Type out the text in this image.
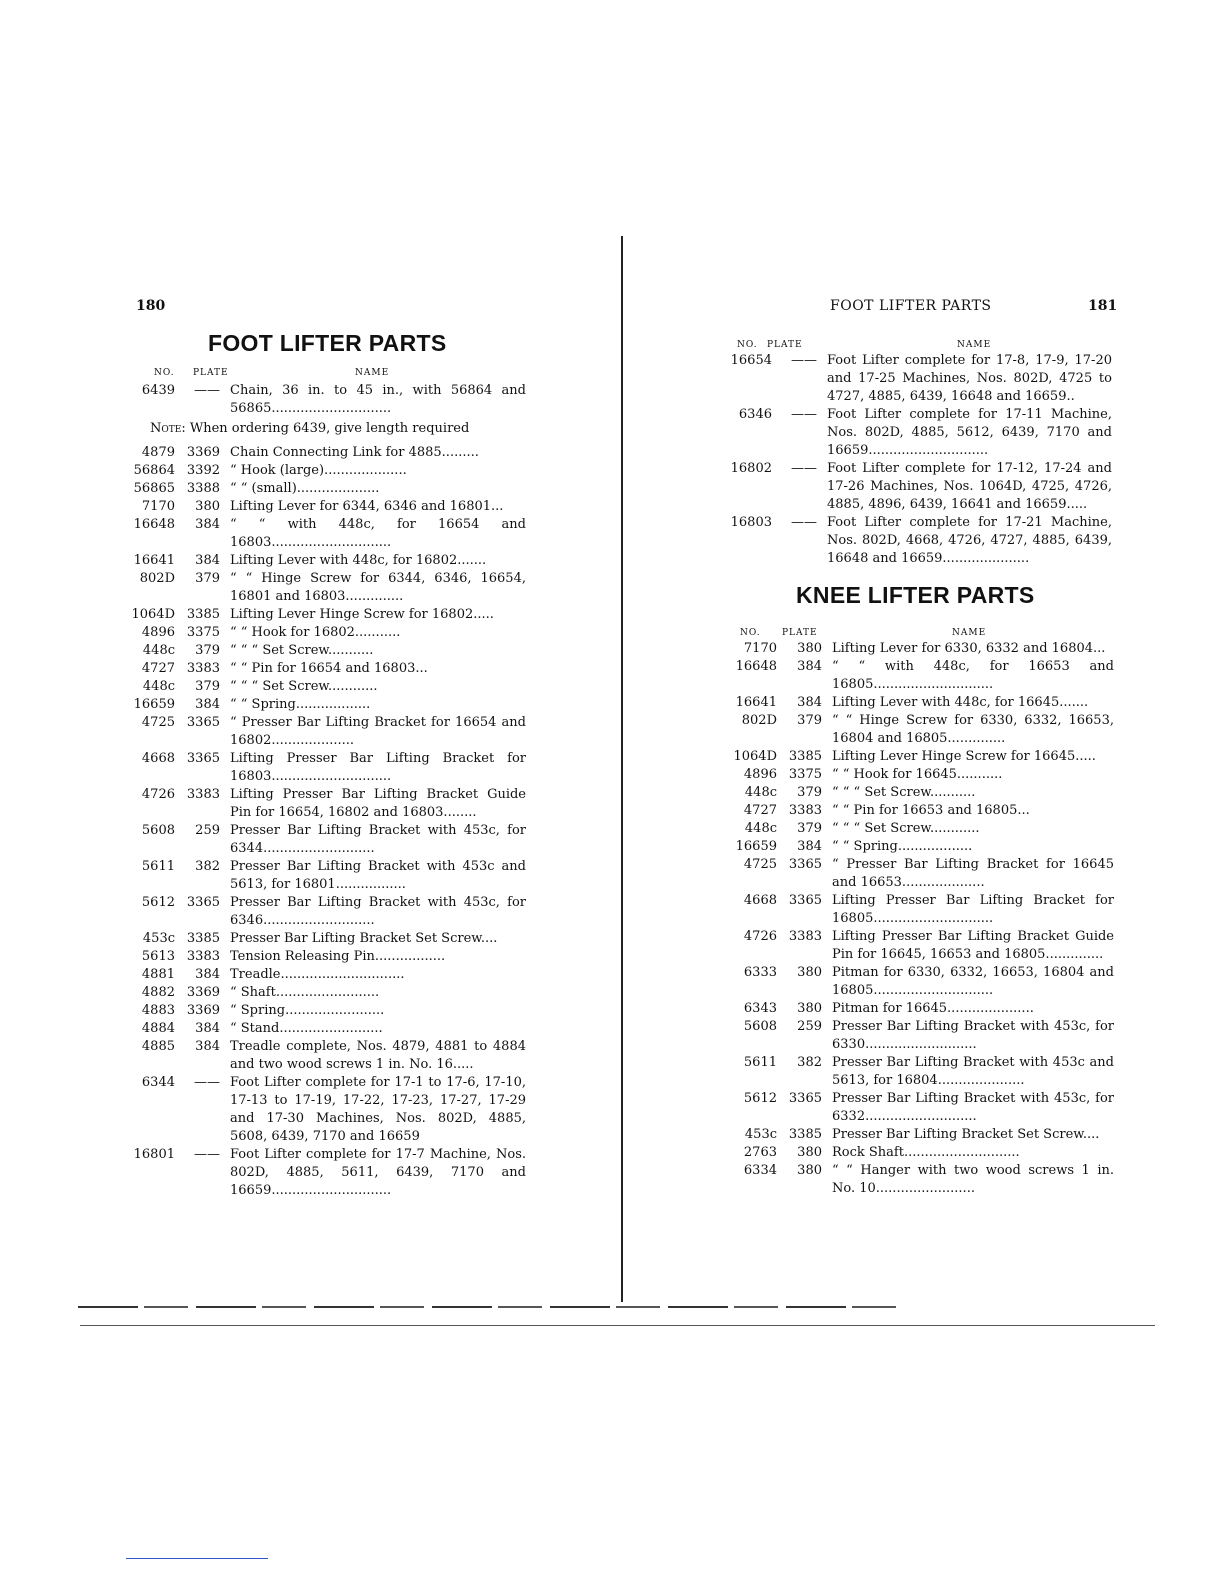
180
FOOT LIFTER PARTS
NO. PLATE	NAME
6439	—— Chain, 36 in. to 45 in., with 56864 and 56865.............................
Note: When ordering 6439, give length required
4879 3369 Chain Connecting Link for 4885.........
56864 3392 “ Hook (large)....................
56865 3388 “ “ (small)....................
7170	380 Lifting Lever for 6344, 6346 and 16801...
16648	384 “ “ with 448c, for 16654 and 16803.............................
16641	384 Lifting Lever with 448c, for 16802.......
802D	379 “ “ Hinge Screw for 6344, 6346, 16654, 16801 and 16803..............
1064D 3385 Lifting Lever Hinge Screw for 16802.....
4896 3375 “ “ Hook for 16802...........
448c	379 “ “ “ Set Screw...........
4727 3383 “ “ Pin for 16654 and 16803...
448c	379 “ “ “ Set Screw............
16659	384 “ “ Spring..................
4725 3365 “ Presser Bar Lifting Bracket for 16654 and 16802....................
4668 3365 Lifting Presser Bar Lifting Bracket for 16803.............................
4726 3383 Lifting Presser Bar Lifting Bracket Guide Pin for 16654, 16802 and 16803........
5608	259 Presser Bar Lifting Bracket with 453c, for 6344...........................
5611	382 Presser Bar Lifting Bracket with 453c and 5613, for 16801.................
5612 3365 Presser Bar Lifting Bracket with 453c, for 6346...........................
453c 3385 Presser Bar Lifting Bracket Set Screw....
5613 3383 Tension Releasing Pin.................
4881	384 Treadle..............................
4882 3369 “ Shaft.........................
4883 3369 “ Spring........................
4884	384 “ Stand.........................
4885	384 Treadle complete, Nos. 4879, 4881 to 4884 and two wood screws 1 in. No. 16.....
6344	—— Foot Lifter complete for 17-1 to 17-6, 17-10, 17-13 to 17-19, 17-22, 17-23, 17-27, 17-29 and 17-30 Machines, Nos. 802D, 4885, 5608, 6439, 7170 and 16659
16801	—— Foot Lifter complete for 17-7 Machine, Nos. 802D, 4885, 5611, 6439, 7170 and 16659.............................
FOOT LIFTER PARTS	181
NO. PLATE	NAME
16654	—— Foot Lifter complete for 17-8, 17-9, 17-20 and 17-25 Machines, Nos. 802D, 4725 to 4727, 4885, 6439, 16648 and 16659..
6346	—— Foot Lifter complete for 17-11 Machine, Nos. 802D, 4885, 5612, 6439, 7170 and 16659.............................
16802	—— Foot Lifter complete for 17-12, 17-24 and 17-26 Machines, Nos. 1064D, 4725, 4726, 4885, 4896, 6439, 16641 and 16659.....
16803	—— Foot Lifter complete for 17-21 Machine, Nos. 802D, 4668, 4726, 4727, 4885, 6439, 16648 and 16659.....................
KNEE LIFTER PARTS
NO. PLATE	NAME
7170	380 Lifting Lever for 6330, 6332 and 16804...
16648	384 “ “ with 448c, for 16653 and 16805.............................
16641	384 Lifting Lever with 448c, for 16645.......
802D	379 “ “ Hinge Screw for 6330, 6332, 16653, 16804 and 16805..............
1064D 3385 Lifting Lever Hinge Screw for 16645.....
4896 3375 “ “ Hook for 16645...........
448c	379 “ “ “ Set Screw...........
4727 3383 “ “ Pin for 16653 and 16805...
448c	379 “ “ “ Set Screw............
16659	384 “ “ Spring..................
4725 3365 “ Presser Bar Lifting Bracket for 16645 and 16653....................
4668 3365 Lifting Presser Bar Lifting Bracket for 16805.............................
4726 3383 Lifting Presser Bar Lifting Bracket Guide Pin for 16645, 16653 and 16805..............
6333	380 Pitman for 6330, 6332, 16653, 16804 and 16805.............................
6343	380 Pitman for 16645.....................
5608	259 Presser Bar Lifting Bracket with 453c, for 6330...........................
5611	382 Presser Bar Lifting Bracket with 453c and 5613, for 16804.....................
5612 3365 Presser Bar Lifting Bracket with 453c, for 6332...........................
453c 3385 Presser Bar Lifting Bracket Set Screw....
2763	380 Rock Shaft............................
6334	380 “ “ Hanger with two wood screws 1 in. No. 10........................
